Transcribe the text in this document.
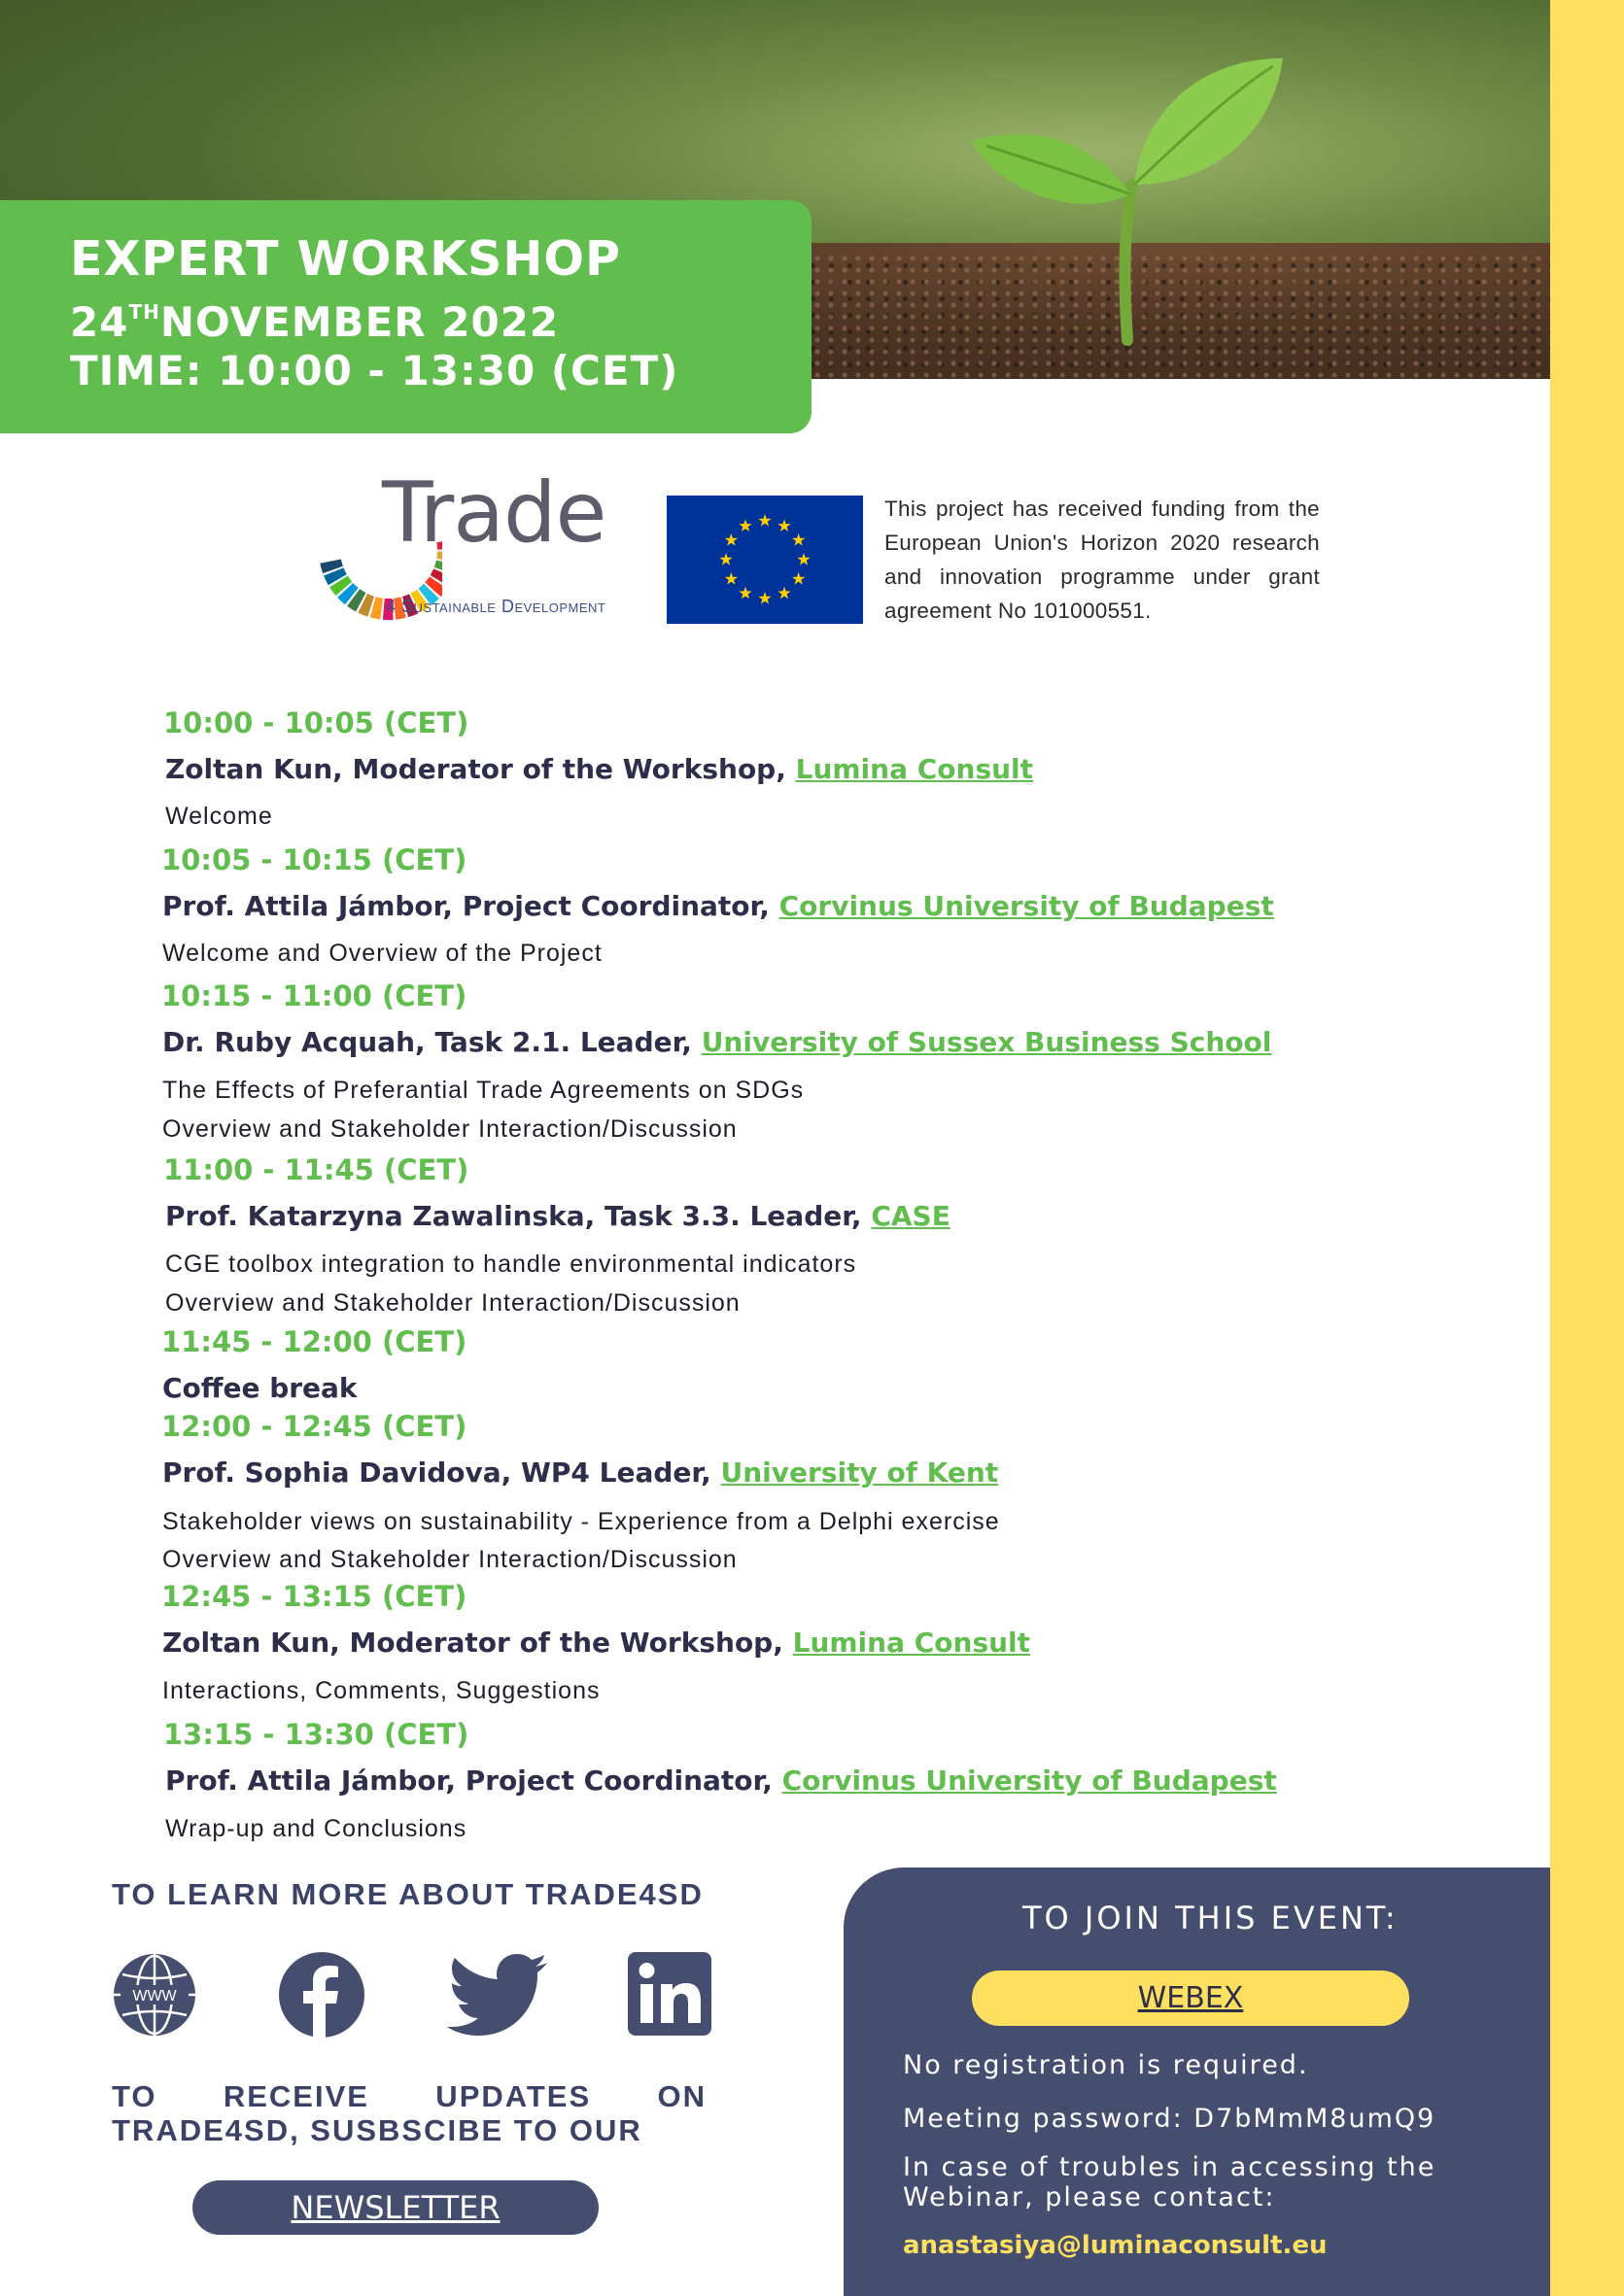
EXPERT WORKSHOP
24THNOVEMBER 2022
TIME: 10:00 - 13:30 (CET)
Trade
4 Sustainable Development
This project has received funding from the European Union's Horizon 2020 research and innovation programme under grant agreement No 101000551.
10:00 - 10:05 (CET)
Zoltan Kun, Moderator of the Workshop, Lumina Consult
Welcome
10:05 - 10:15 (CET)
Prof. Attila Jámbor, Project Coordinator, Corvinus University of Budapest
Welcome and Overview of the Project
10:15 - 11:00 (CET)
Dr. Ruby Acquah, Task 2.1. Leader, University of Sussex Business School
The Effects of Preferantial Trade Agreements on SDGs
Overview and Stakeholder Interaction/Discussion
11:00 - 11:45 (CET)
Prof. Katarzyna Zawalinska, Task 3.3. Leader, CASE
CGE toolbox integration to handle environmental indicators
Overview and Stakeholder Interaction/Discussion
11:45 - 12:00 (CET)
Coffee break
12:00 - 12:45 (CET)
Prof. Sophia Davidova, WP4 Leader, University of Kent
Stakeholder views on sustainability - Experience from a Delphi exercise
Overview and Stakeholder Interaction/Discussion
12:45 - 13:15 (CET)
Zoltan Kun, Moderator of the Workshop, Lumina Consult
Interactions, Comments, Suggestions
13:15 - 13:30 (CET)
Prof. Attila Jámbor, Project Coordinator, Corvinus University of Budapest
Wrap-up and Conclusions
TO LEARN MORE ABOUT TRADE4SD
WWW
TO RECEIVE UPDATES ON TRADE4SD, SUSBSCIBE TO OUR
NEWSLETTER
TO JOIN THIS EVENT:
WEBEX
No registration is required.
Meeting password: D7bMmM8umQ9
In case of troubles in accessing the
Webinar, please contact:
anastasiya@luminaconsult.eu
